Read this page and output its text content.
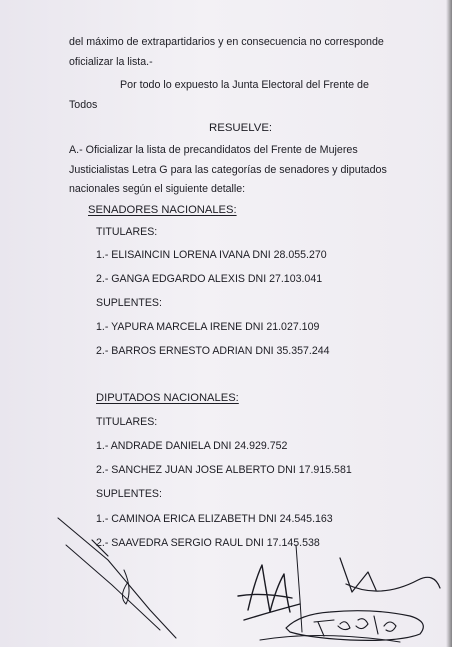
del máximo de extrapartidarios y en consecuencia no corresponde
oficializar la lista.-
Por todo lo expuesto la Junta Electoral del Frente de
Todos
RESUELVE:
A.- Oficializar la lista de precandidatos del Frente de Mujeres
Justicialistas Letra G para las categorías de senadores y diputados
nacionales según el siguiente detalle:
SENADORES NACIONALES:
TITULARES:
1.- ELISAINCIN LORENA IVANA DNI 28.055.270
2.- GANGA EDGARDO ALEXIS DNI 27.103.041
SUPLENTES:
1.- YAPURA MARCELA IRENE DNI 21.027.109
2.- BARROS ERNESTO ADRIAN DNI 35.357.244
DIPUTADOS NACIONALES:
TITULARES:
1.- ANDRADE DANIELA DNI 24.929.752
2.- SANCHEZ JUAN JOSE ALBERTO DNI 17.915.581
SUPLENTES:
1.- CAMINOA ERICA ELIZABETH DNI 24.545.163
2.- SAAVEDRA SERGIO RAUL DNI 17.145.538
